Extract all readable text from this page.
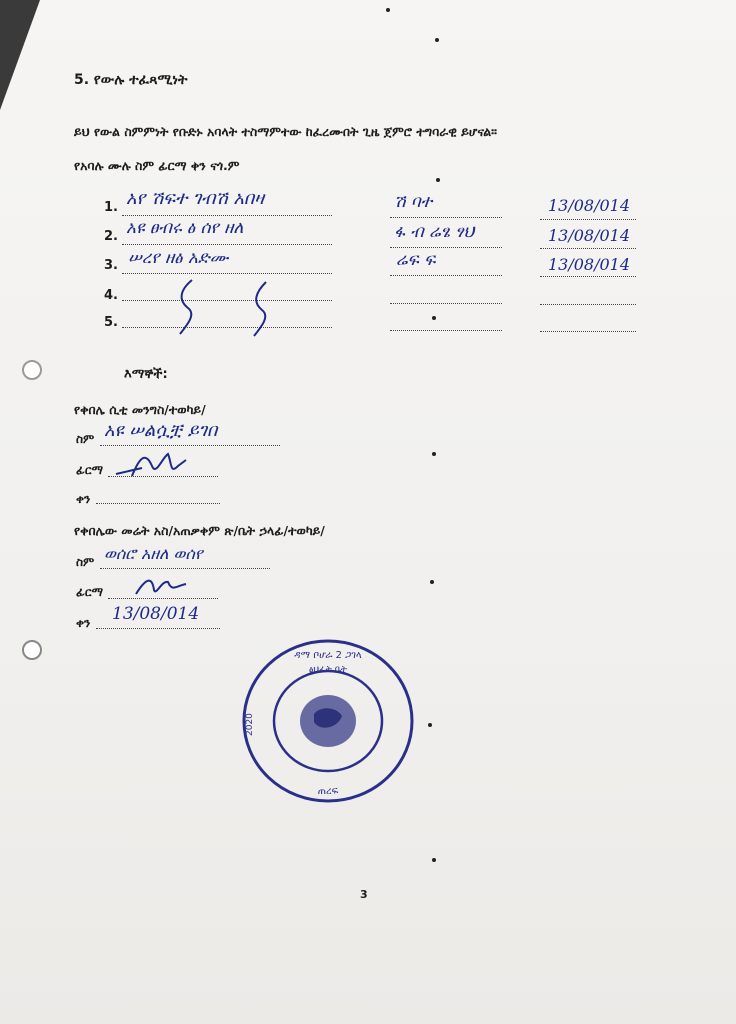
5. የውሉ ተፈጻሚነት
ይህ የውል ስምምነት የቡድኑ አባላት ተስማምተው ከፈረሙበት ጊዜ ጀምሮ ተግባራዊ ይሆናል።
የአባሉ ሙሉ ስም ፊርማ ቀን ናጎ.ም
1. አየ ሽፍተ ገብሽ አበዛ	ሽ ባተ	13/08/014
2. አዩ ፀብሩ ፅ ሰየ ዘለ	ፋ ብ ሬፄ ፃህ	13/08/014
3. ሠረየ ዘፅ አድሙ	ሬፍ ፍ	13/08/014
4.
5.
እማኞች:
የቀበሌ ሲቲ መንግስ/ተወካይ/
ስም አዩ ሠልሷቿ ይገበ
ፊርማ
ቀን
የቀበሌው መሬት አስ/አጠቃቀም ጽ/ቤት ኃላፊ/ተወካይ/
ስም ወሰሮ አዘለ ወሰየ
ፊርማ
ቀን 13/08/014
ዳማ ቦሆራ 2 ጋገላ
ፅህፈት ቤት
2020
ጠረፍ
3
